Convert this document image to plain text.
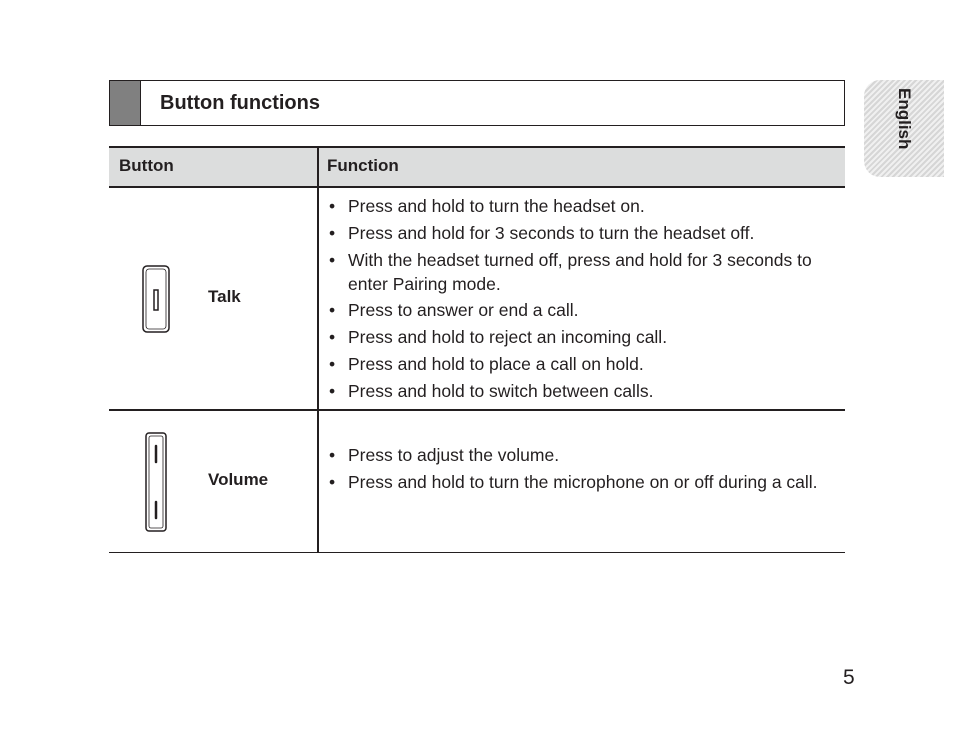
Button functions	English
Button	Function
Talk
• Press and hold to turn the headset on.
• Press and hold for 3 seconds to turn the headset off.
• With the headset turned off, press and hold for 3 seconds to enter Pairing mode.
• Press to answer or end a call.
• Press and hold to reject an incoming call.
• Press and hold to place a call on hold.
• Press and hold to switch between calls.
Volume
• Press to adjust the volume.
• Press and hold to turn the microphone on or off during a call.
5
